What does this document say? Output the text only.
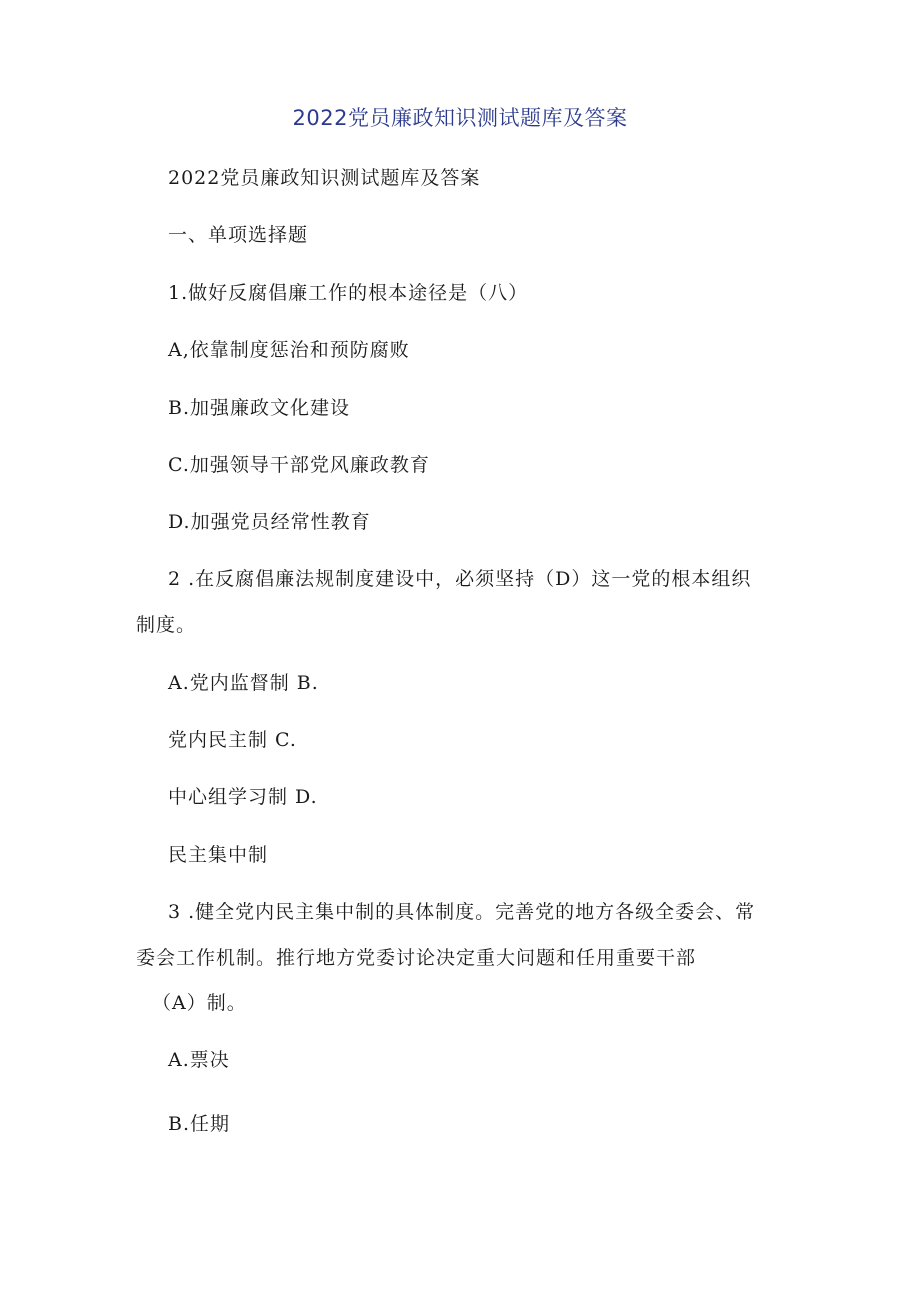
2022党员廉政知识测试题库及答案
2022党员廉政知识测试题库及答案
一、单项选择题
1.做好反腐倡廉工作的根本途径是（八）
A,依靠制度惩治和预防腐败
B.加强廉政文化建设
C.加强领导干部党风廉政教育
D.加强党员经常性教育
2 .在反腐倡廉法规制度建设中，必须坚持（D）这一党的根本组织
制度。
A.党内监督制 B.
党内民主制 C.
中心组学习制 D.
民主集中制
3 .健全党内民主集中制的具体制度。完善党的地方各级全委会、常
委会工作机制。推行地方党委讨论决定重大问题和任用重要干部
（A）制。
A.票决
B.任期
